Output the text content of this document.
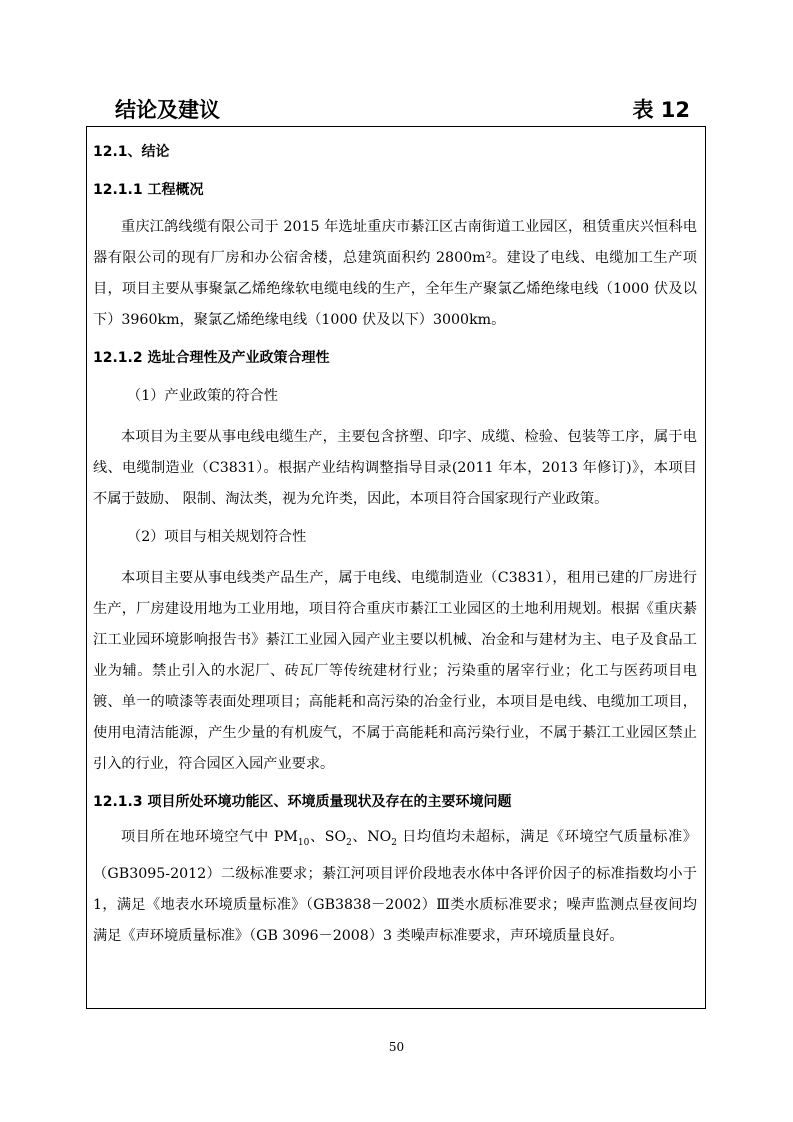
结论及建议	表 12

12.1、结论

12.1.1 工程概况

重庆江鸽线缆有限公司于 2015 年选址重庆市綦江区古南街道工业园区，租赁重庆兴恒科电器有限公司的现有厂房和办公宿舍楼，总建筑面积约 2800m²。建设了电线、电缆加工生产项目，项目主要从事聚氯乙烯绝缘软电缆电线的生产，全年生产聚氯乙烯绝缘电线（1000 伏及以下）3960km，聚氯乙烯绝缘电线（1000 伏及以下）3000km。

12.1.2 选址合理性及产业政策合理性

（1）产业政策的符合性

本项目为主要从事电线电缆生产，主要包含挤塑、印字、成缆、检验、包装等工序，属于电线、电缆制造业（C3831）。根据产业结构调整指导目录(2011 年本，2013 年修订)》，本项目不属于鼓励、 限制、淘汰类，视为允许类，因此，本项目符合国家现行产业政策。

（2）项目与相关规划符合性

本项目主要从事电线类产品生产，属于电线、电缆制造业（C3831），租用已建的厂房进行生产，厂房建设用地为工业用地，项目符合重庆市綦江工业园区的土地利用规划。根据《重庆綦江工业园环境影响报告书》綦江工业园入园产业主要以机械、冶金和与建材为主、电子及食品工业为辅。禁止引入的水泥厂、砖瓦厂等传统建材行业；污染重的屠宰行业；化工与医药项目电镀、单一的喷漆等表面处理项目；高能耗和高污染的冶金行业，本项目是电线、电缆加工项目，使用电清洁能源，产生少量的有机废气，不属于高能耗和高污染行业，不属于綦江工业园区禁止引入的行业，符合园区入园产业要求。

12.1.3 项目所处环境功能区、环境质量现状及存在的主要环境问题

项目所在地环境空气中 $PM_{10}$、$SO_2$、$NO_2$ 日均值均未超标，满足《环境空气质量标准》（GB3095-2012）二级标准要求；綦江河项目评价段地表水体中各评价因子的标准指数均小于 1，满足《地表水环境质量标准》（GB3838－2002）Ⅲ类水质标准要求；噪声监测点昼夜间均满足《声环境质量标准》（GB 3096－2008）3 类噪声标准要求，声环境质量良好。

50
